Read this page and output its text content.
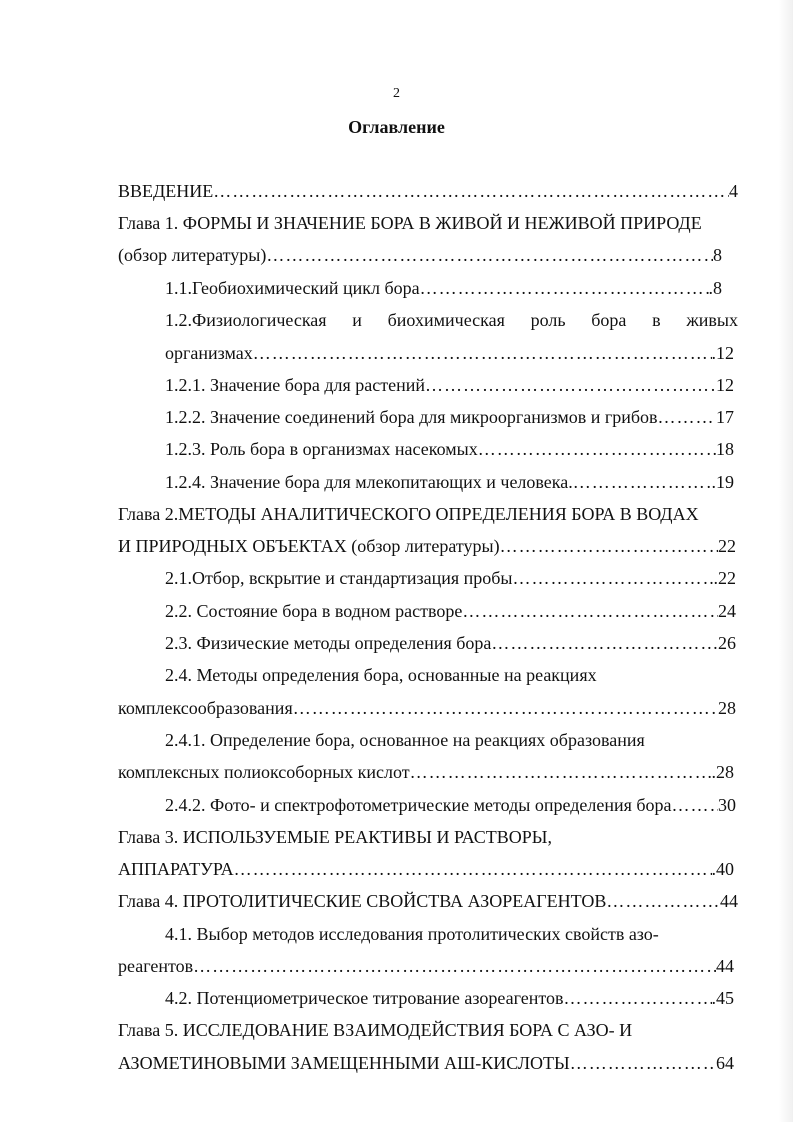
2
Оглавление
ВВЕДЕНИЕ ………………………………………………………………………………………………………………………………………………………………………………………………	4
Глава 1. ФОРМЫ И ЗНАЧЕНИЕ БОРА В ЖИВОЙ И НЕЖИВОЙ ПРИРОДЕ
(обзор литературы) ………………………………………………………………………………………………………………………………………………………………………………………………	8
1.1.Геобиохимический цикл бора ………………………………………………………………………………………………………………………………………………………………………………………………	.8
1.2.Физиологическая и биохимическая роль бора в живых
организмах ………………………………………………………………………………………………………………………………………………………………………………………………	.12
1.2.1. Значение бора для растений ………………………………………………………………………………………………………………………………………………………………………………………………	12
1.2.2. Значение соединений бора для микроорганизмов и грибов ………………………………………………………………………………………………………………………………………………………………………………………………	17
1.2.3. Роль бора в организмах насекомых ………………………………………………………………………………………………………………………………………………………………………………………………	18
1.2.4. Значение бора для млекопитающих и человека. ………………………………………………………………………………………………………………………………………………………………………………………………	.19
Глава 2.МЕТОДЫ АНАЛИТИЧЕСКОГО ОПРЕДЕЛЕНИЯ БОРА В ВОДАХ
И ПРИРОДНЫХ ОБЪЕКТАХ (обзор литературы) ………………………………………………………………………………………………………………………………………………………………………………………………	22
2.1.Отбор, вскрытие и стандартизация пробы ………………………………………………………………………………………………………………………………………………………………………………………………	.22
2.2. Состояние бора в водном растворе ………………………………………………………………………………………………………………………………………………………………………………………………	24
2.3. Физические методы определения бора ………………………………………………………………………………………………………………………………………………………………………………………………	26
2.4. Методы определения бора, основанные на реакциях
комплексообразования ………………………………………………………………………………………………………………………………………………………………………………………………	28
2.4.1. Определение бора, основанное на реакциях образования
комплексных полиоксоборных кислот ………………………………………………………………………………………………………………………………………………………………………………………………	.28
2.4.2. Фото- и спектрофотометрические методы определения бора ………………………………………………………………………………………………………………………………………………………………………………………………	30
Глава 3. ИСПОЛЬЗУЕМЫЕ РЕАКТИВЫ И РАСТВОРЫ,
АППАРАТУРА ………………………………………………………………………………………………………………………………………………………………………………………………	.40
Глава 4. ПРОТОЛИТИЧЕСКИЕ СВОЙСТВА АЗОРЕАГЕНТОВ ………………………………………………………………………………………………………………………………………………………………………………………………	44
4.1. Выбор методов исследования протолитических свойств азо-
реагентов ………………………………………………………………………………………………………………………………………………………………………………………………	44
4.2. Потенциометрическое титрование азореагентов ………………………………………………………………………………………………………………………………………………………………………………………………	.45
Глава 5. ИССЛЕДОВАНИЕ ВЗАИМОДЕЙСТВИЯ БОРА С АЗО- И
АЗОМЕТИНОВЫМИ ЗАМЕЩЕННЫМИ АШ-КИСЛОТЫ ………………………………………………………………………………………………………………………………………………………………………………………………	64
